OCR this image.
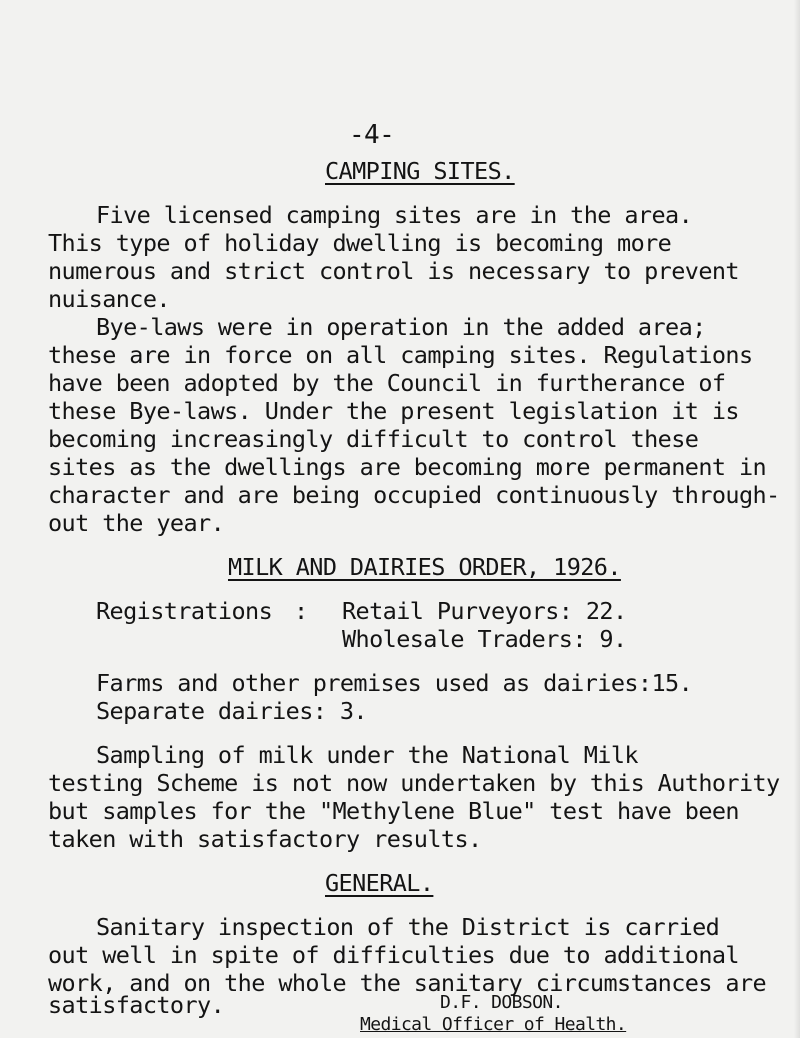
-4-
CAMPING SITES.
Five licensed camping sites are in the area.
This type of holiday dwelling is becoming more
numerous and strict control is necessary to prevent
nuisance.
Bye-laws were in operation in the added area;
these are in force on all camping sites. Regulations
have been adopted by the Council in furtherance of
these Bye-laws. Under the present legislation it is
becoming increasingly difficult to control these
sites as the dwellings are becoming more permanent in
character and are being occupied continuously through-
out the year.
MILK AND DAIRIES ORDER, 1926.
Registrations : Retail Purveyors: 22.
Wholesale Traders: 9.
Farms and other premises used as dairies:15.
Separate dairies: 3.
Sampling of milk under the National Milk
testing Scheme is not now undertaken by this Authority
but samples for the "Methylene Blue" test have been
taken with satisfactory results.
GENERAL.
Sanitary inspection of the District is carried
out well in spite of difficulties due to additional
work, and on the whole the sanitary circumstances are
satisfactory.	D.F. DOBSON.
Medical Officer of Health.
